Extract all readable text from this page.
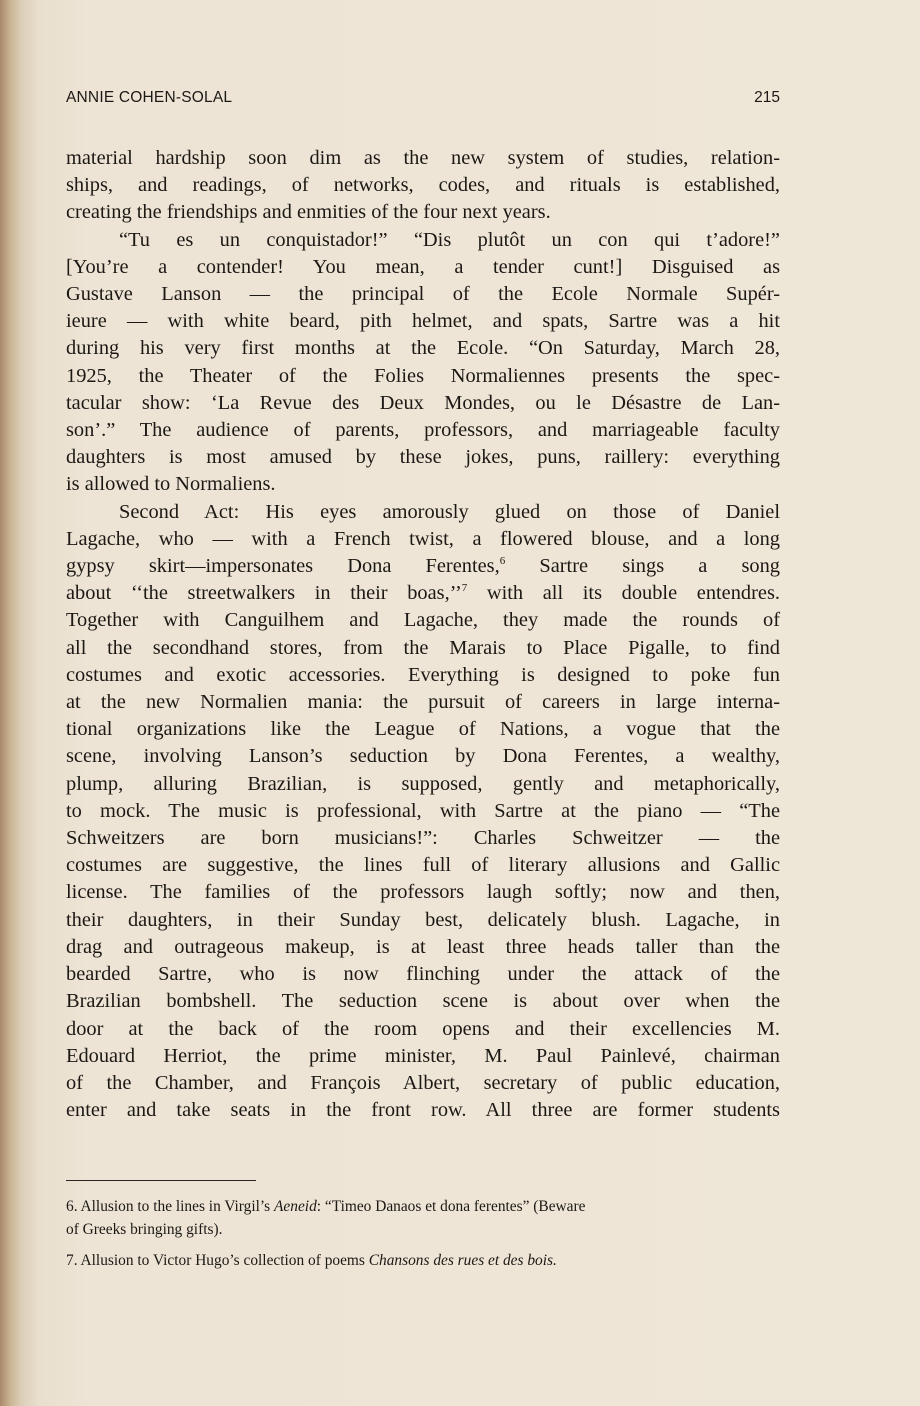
ANNIE COHEN-SOLAL	215
material hardship soon dim as the new system of studies, relation-
ships, and readings, of networks, codes, and rituals is established,
creating the friendships and enmities of the four next years.
“Tu es un conquistador!” “Dis plutôt un con qui t’adore!”
[You’re a contender! You mean, a tender cunt!] Disguised as
Gustave Lanson — the principal of the Ecole Normale Supér-
ieure — with white beard, pith helmet, and spats, Sartre was a hit
during his very first months at the Ecole. “On Saturday, March 28,
1925, the Theater of the Folies Normaliennes presents the spec-
tacular show: ‘La Revue des Deux Mondes, ou le Désastre de Lan-
son’.” The audience of parents, professors, and marriageable faculty
daughters is most amused by these jokes, puns, raillery: everything
is allowed to Normaliens.
Second Act: His eyes amorously glued on those of Daniel
Lagache, who — with a French twist, a flowered blouse, and a long
gypsy skirt—impersonates Dona Ferentes,$^6$ Sartre sings a song
about ‘‘the streetwalkers in their boas,’’$^7$ with all its double entendres.
Together with Canguilhem and Lagache, they made the rounds of
all the secondhand stores, from the Marais to Place Pigalle, to find
costumes and exotic accessories. Everything is designed to poke fun
at the new Normalien mania: the pursuit of careers in large interna-
tional organizations like the League of Nations, a vogue that the
scene, involving Lanson’s seduction by Dona Ferentes, a wealthy,
plump, alluring Brazilian, is supposed, gently and metaphorically,
to mock. The music is professional, with Sartre at the piano — “The
Schweitzers are born musicians!”: Charles Schweitzer — the
costumes are suggestive, the lines full of literary allusions and Gallic
license. The families of the professors laugh softly; now and then,
their daughters, in their Sunday best, delicately blush. Lagache, in
drag and outrageous makeup, is at least three heads taller than the
bearded Sartre, who is now flinching under the attack of the
Brazilian bombshell. The seduction scene is about over when the
door at the back of the room opens and their excellencies M.
Edouard Herriot, the prime minister, M. Paul Painlevé, chairman
of the Chamber, and François Albert, secretary of public education,
enter and take seats in the front row. All three are former students
6. Allusion to the lines in Virgil’s Aeneid: “Timeo Danaos et dona ferentes” (Beware
of Greeks bringing gifts).
7. Allusion to Victor Hugo’s collection of poems Chansons des rues et des bois.
